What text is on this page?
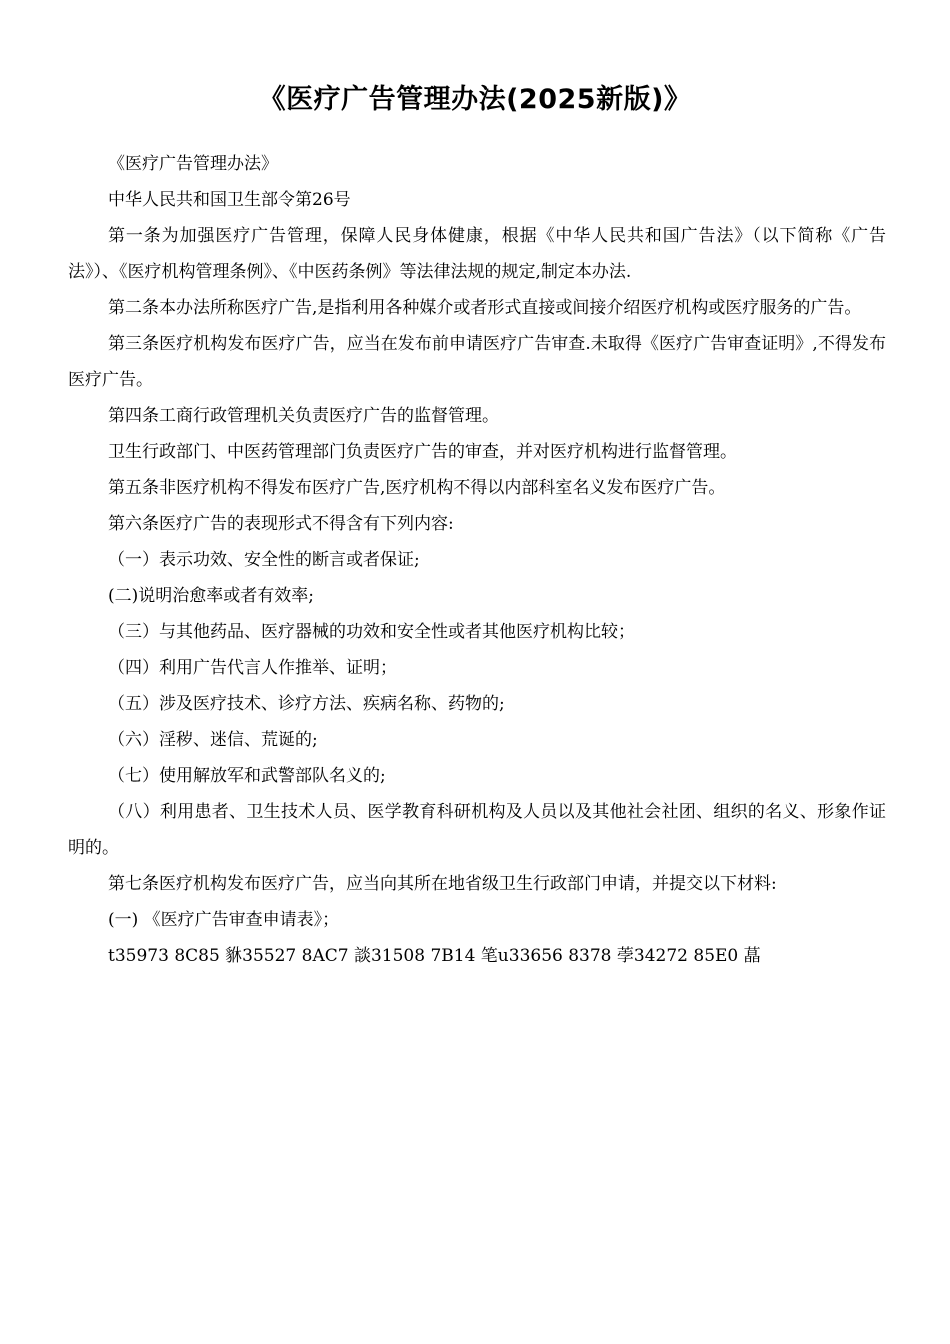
《医疗广告管理办法(2025新版)》

《医疗广告管理办法》

中华人民共和国卫生部令第26号

第一条为加强医疗广告管理，保障人民身体健康，根据《中华人民共和国广告法》（以下简称《广告法》）、《医疗机构管理条例》、《中医药条例》等法律法规的规定,制定本办法.

第二条本办法所称医疗广告,是指利用各种媒介或者形式直接或间接介绍医疗机构或医疗服务的广告。

第三条医疗机构发布医疗广告，应当在发布前申请医疗广告审查.未取得《医疗广告审查证明》,不得发布医疗广告。

第四条工商行政管理机关负责医疗广告的监督管理。

卫生行政部门、中医药管理部门负责医疗广告的审查，并对医疗机构进行监督管理。

第五条非医疗机构不得发布医疗广告,医疗机构不得以内部科室名义发布医疗广告。

第六条医疗广告的表现形式不得含有下列内容:

（一）表示功效、安全性的断言或者保证;

(二)说明治愈率或者有效率;

（三）与其他药品、医疗器械的功效和安全性或者其他医疗机构比较；

（四）利用广告代言人作推举、证明；

（五）涉及医疗技术、诊疗方法、疾病名称、药物的;

（六）淫秽、迷信、荒诞的;

（七）使用解放军和武警部队名义的;

（八）利用患者、卫生技术人员、医学教育科研机构及人员以及其他社会社团、组织的名义、形象作证明的。

第七条医疗机构发布医疗广告，应当向其所在地省级卫生行政部门申请，并提交以下材料:

(一) 《医疗广告审查申请表》；

t35973 8C85 貅35527 8AC7 談31508 7B14 笔u33656 8378 荸34272 85E0 蕌
